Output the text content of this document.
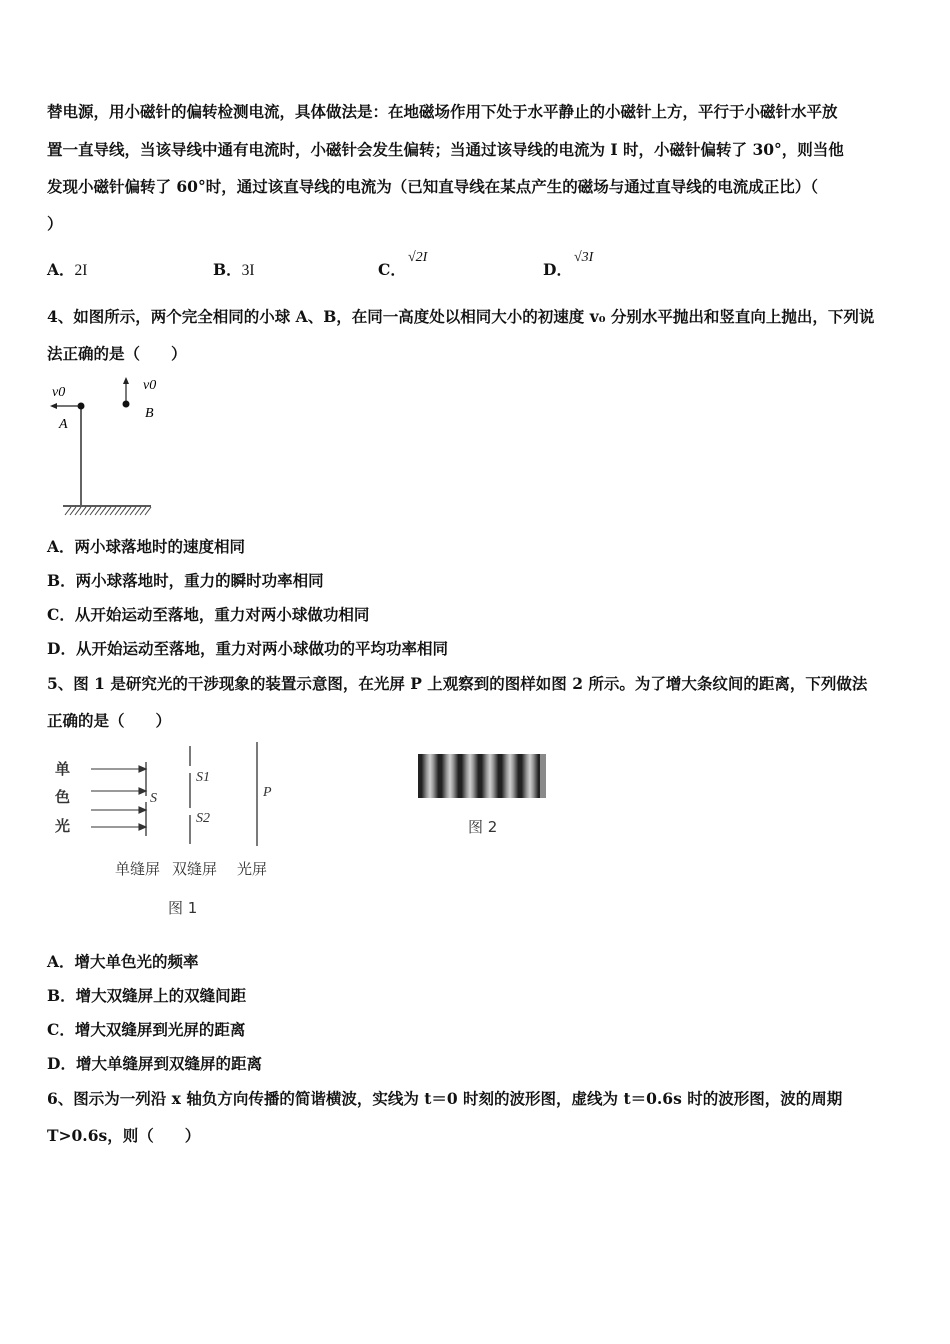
替电源，用小磁针的偏转检测电流，具体做法是：在地磁场作用下处于水平静止的小磁针上方，平行于小磁针水平放
置一直导线，当该导线中通有电流时，小磁针会发生偏转；当通过该导线的电流为 I 时，小磁针偏转了 30°，则当他
发现小磁针偏转了 60°时，通过该直导线的电流为（已知直导线在某点产生的磁场与通过直导线的电流成正比）（
）
A．2I	B．3I	C．
√2I
D．
√3I
4、如图所示，两个完全相同的小球 A、B，在同一高度处以相同大小的初速度 v₀ 分别水平抛出和竖直向上抛出，下列说
法正确的是（　　）
v0
A
v0
B
A．两小球落地时的速度相同
B．两小球落地时，重力的瞬时功率相同
C．从开始运动至落地，重力对两小球做功相同
D．从开始运动至落地，重力对两小球做功的平均功率相同
5、图 1 是研究光的干涉现象的装置示意图，在光屏 P 上观察到的图样如图 2 所示。为了增大条纹间的距离，下列做法
正确的是（　　）
单
色
光
S
S1
S2
P
单缝屏 双缝屏 光屏
图 1
图 2
A．增大单色光的频率
B．增大双缝屏上的双缝间距
C．增大双缝屏到光屏的距离
D．增大单缝屏到双缝屏的距离
6、图示为一列沿 x 轴负方向传播的简谐横波，实线为 t＝0 时刻的波形图，虚线为 t＝0.6s 时的波形图，波的周期
T>0.6s，则（　　）
